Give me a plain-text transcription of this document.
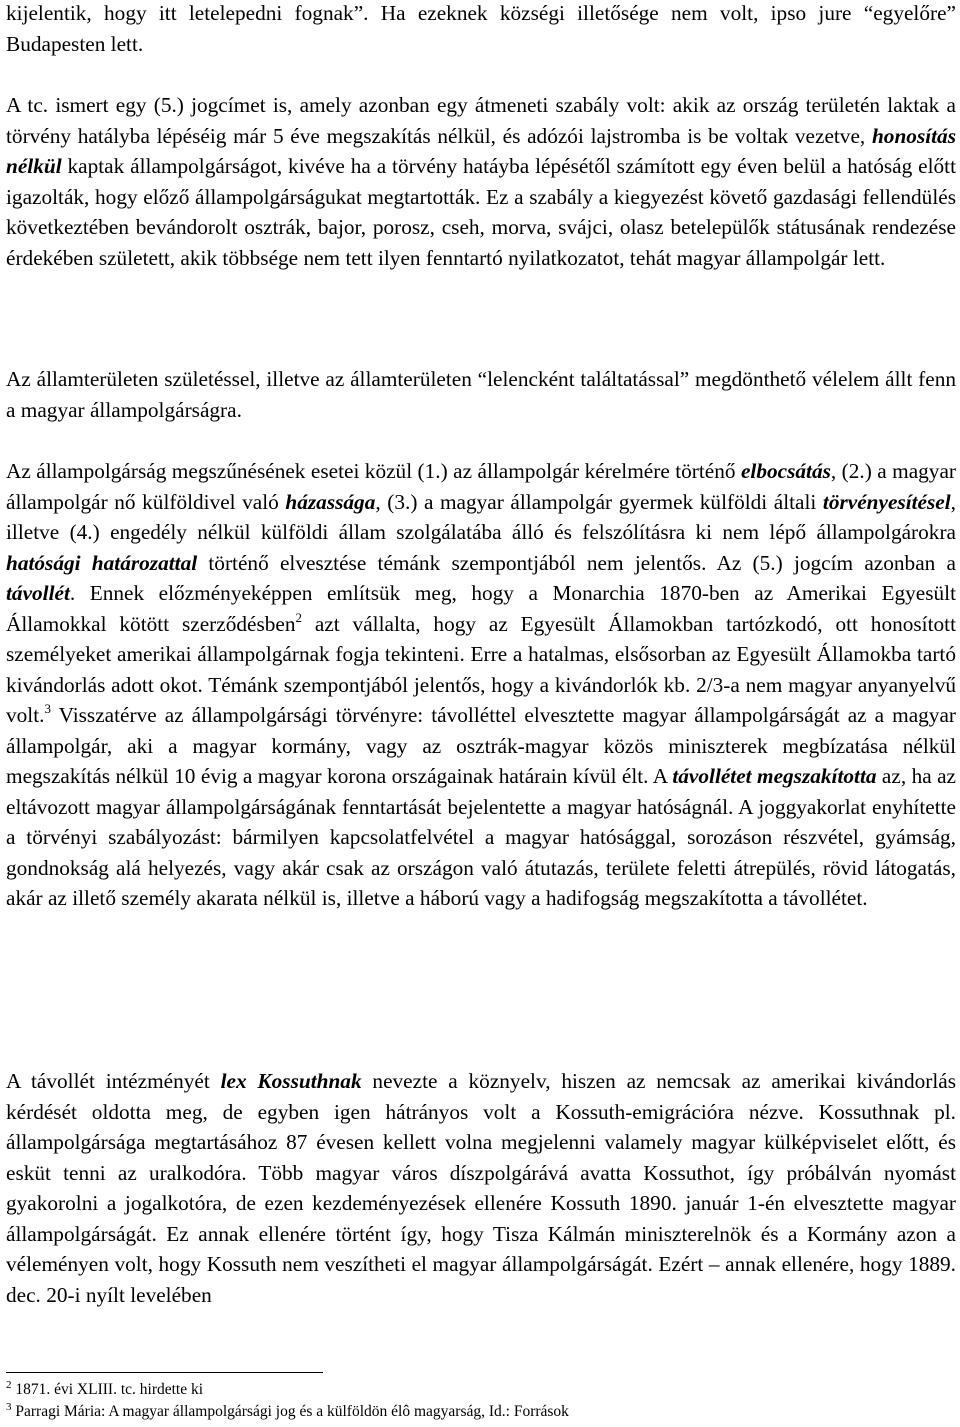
kijelentik, hogy itt letelepedni fognak”. Ha ezeknek községi illetősége nem volt, ipso jure “egyelőre” Budapesten lett.

A tc. ismert egy (5.) jogcímet is, amely azonban egy átmeneti szabály volt: akik az ország területén laktak a törvény hatályba lépéséig már 5 éve megszakítás nélkül, és adózói lajstromba is be voltak vezetve, honosítás nélkül kaptak állampolgárságot, kivéve ha a törvény hatáyba lépésétől számított egy éven belül a hatóság előtt igazolták, hogy előző állampolgárságukat megtartották. Ez a szabály a kiegyezést követő gazdasági fellendülés következtében bevándorolt osztrák, bajor, porosz, cseh, morva, svájci, olasz betelepülők státusának rendezése érdekében született, akik többsége nem tett ilyen fenntartó nyilatkozatot, tehát magyar állampolgár lett.

Az államterületen születéssel, illetve az államterületen “lelencként találtatással” megdönthető vélelem állt fenn a magyar állampolgárságra.

Az állampolgárság megszűnésének esetei közül (1.) az állampolgár kérelmére történő elbocsátás, (2.) a magyar állampolgár nő külföldivel való házassága, (3.) a magyar állampolgár gyermek külföldi általi törvényesítésel, illetve (4.) engedély nélkül külföldi állam szolgálatába álló és felszólításra ki nem lépő állampolgárokra hatósági határozattal történő elvesztése témánk szempontjából nem jelentős. Az (5.) jogcím azonban a távollét. Ennek előzményeképpen említsük meg, hogy a Monarchia 1870-ben az Amerikai Egyesült Államokkal kötött szerződésben$^2$ azt vállalta, hogy az Egyesült Államokban tartózkodó, ott honosított személyeket amerikai állampolgárnak fogja tekinteni. Erre a hatalmas, elsősorban az Egyesült Államokba tartó kivándorlás adott okot. Témánk szempontjából jelentős, hogy a kivándorlók kb. 2/3-a nem magyar anyanyelvű volt.$^3$ Visszatérve az állampolgársági törvényre: távolléttel elvesztette magyar állampolgárságát az a magyar állampolgár, aki a magyar kormány, vagy az osztrák-magyar közös miniszterek megbízatása nélkül megszakítás nélkül 10 évig a magyar korona országainak határain kívül élt. A távollétet megszakította az, ha az eltávozott magyar állampolgárságának fenntartását bejelentette a magyar hatóságnál. A joggyakorlat enyhítette a törvényi szabályozást: bármilyen kapcsolatfelvétel a magyar hatósággal, sorozáson részvétel, gyámság, gondnokság alá helyezés, vagy akár csak az országon való átutazás, területe feletti átrepülés, rövid látogatás, akár az illető személy akarata nélkül is, illetve a háború vagy a hadifogság megszakította a távollétet.

A távollét intézményét lex Kossuthnak nevezte a köznyelv, hiszen az nemcsak az amerikai kivándorlás kérdését oldotta meg, de egyben igen hátrányos volt a Kossuth-emigrációra nézve. Kossuthnak pl. állampolgársága megtartásához 87 évesen kellett volna megjelenni valamely magyar külképviselet előtt, és esküt tenni az uralkodóra. Több magyar város díszpolgárává avatta Kossuthot, így próbálván nyomást gyakorolni a jogalkotóra, de ezen kezdeményezések ellenére Kossuth 1890. január 1-én elvesztette magyar állampolgárságát. Ez annak ellenére történt így, hogy Tisza Kálmán miniszterelnök és a Kormány azon a véleményen volt, hogy Kossuth nem veszítheti el magyar állampolgárságát. Ezért – annak ellenére, hogy 1889. dec. 20-i nyílt levelében

$^2$ 1871. évi XLIII. tc. hirdette ki

$^3$ Parragi Mária: A magyar állampolgársági jog és a külföldön élô magyarság, Id.: Források
